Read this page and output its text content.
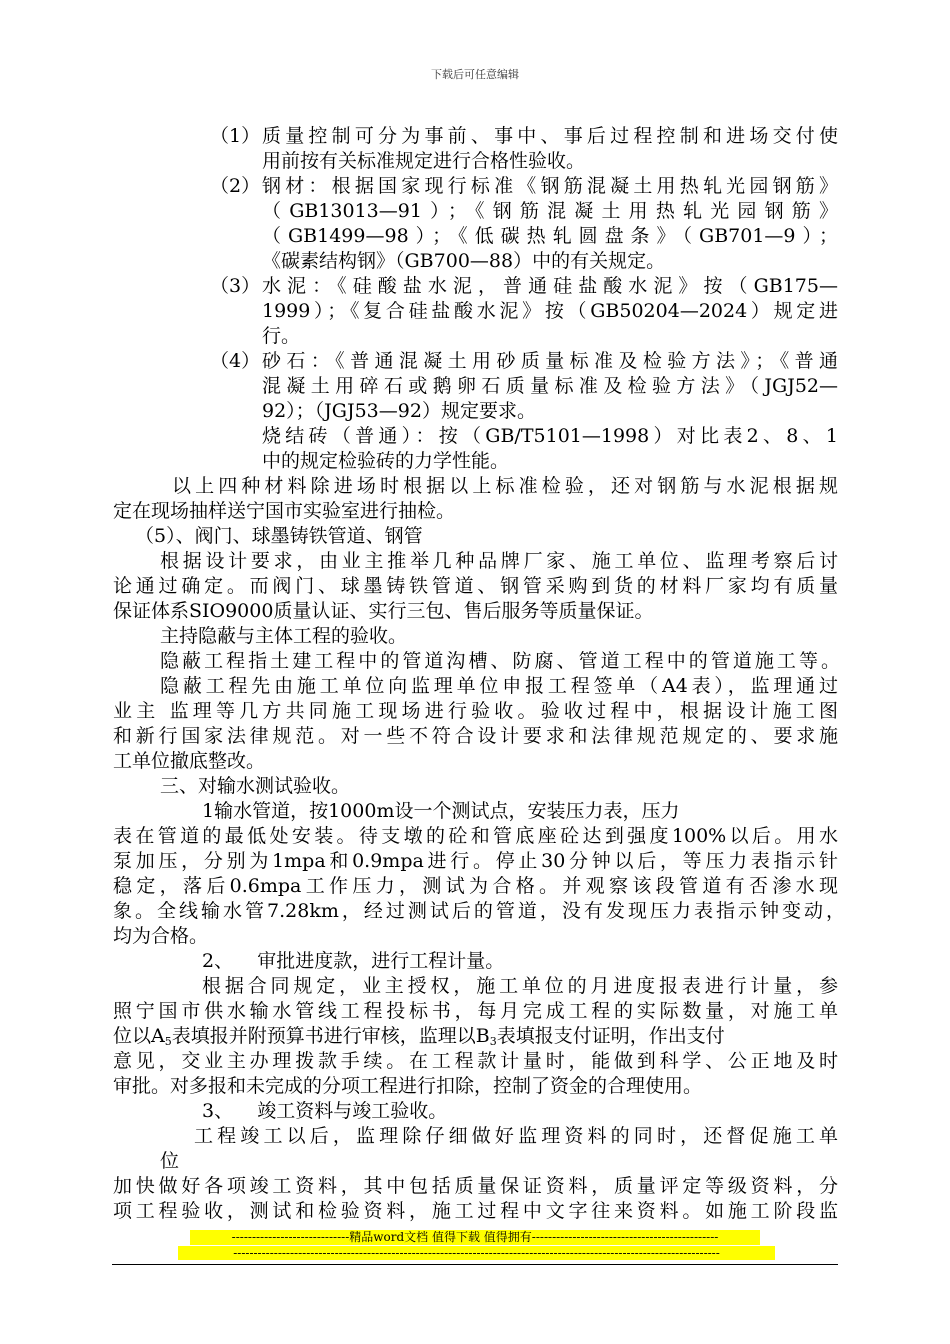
下载后可任意编辑
（1） 质量控制可分为事前、事中、事后过程控制和进场交付使
用前按有关标准规定进行合格性验收。
（2） 钢材：根据国家现行标准《钢筋混凝土用热轧光园钢筋》
（GB13013—91）；《钢筋混凝土用热轧光园钢筋》
（GB1499—98）；《低碳热轧圆盘条》（GB701—9）；
《碳素结构钢》（GB700—88）中的有关规定。
（3） 水泥：《硅酸盐水泥，普通硅盐酸水泥》按（GB175—
1999）；《复合硅盐酸水泥》按（GB50204—2024）规定进
行。
（4） 砂石：《普通混凝土用砂质量标准及检验方法》；《普通
混凝土用碎石或鹅卵石质量标准及检验方法》（JGJ52—
92）；（JGJ53—92）规定要求。
烧结砖（普通）：按（GB/T5101—1998）对比表2、8、1
中的规定检验砖的力学性能。
以上四种材料除进场时根据以上标准检验，还对钢筋与水泥根据规
定在现场抽样送宁国市实验室进行抽检。
（5）、阀门、球墨铸铁管道、钢管
根据设计要求，由业主推举几种品牌厂家、施工单位、监理考察后讨
论通过确定。而阀门、球墨铸铁管道、钢管采购到货的材料厂家均有质量
保证体系SIO9000质量认证、实行三包、售后服务等质量保证。
主持隐蔽与主体工程的验收。
隐蔽工程指土建工程中的管道沟槽、防腐、管道工程中的管道施工等。
隐蔽工程先由施工单位向监理单位申报工程签单（A4表），监理通过
业主 监理等几方共同施工现场进行验收。验收过程中，根据设计施工图
和新行国家法律规范。对一些不符合设计要求和法律规范规定的、要求施
工单位撤底整改。
三、对输水测试验收。
1输水管道，按1000m设一个测试点，安装压力表，压力
表在管道的最低处安装。待支墩的砼和管底座砼达到强度100%以后。用水
泵加压，分别为1mpa和0.9mpa进行。停止30分钟以后，等压力表指示针
稳定，落后0.6mpa工作压力，测试为合格。并观察该段管道有否渗水现
象。全线输水管7.28km，经过测试后的管道，没有发现压力表指示钟变动，
均为合格。
2、    审批进度款，进行工程计量。
根据合同规定，业主授权，施工单位的月进度报表进行计量，参
照宁国市供水输水管线工程投标书，每月完成工程的实际数量，对施工单
位以$A_5$表填报并附预算书进行审核，监理以$B_3$表填报支付证明，作出支付
意见，交业主办理拨款手续。在工程款计量时，能做到科学、公正地及时
审批。对多报和未完成的分项工程进行扣除，控制了资金的合理使用。
3、    竣工资料与竣工验收。
工程竣工以后，监理除仔细做好监理资料的同时，还督促施工单
位
加快做好各项竣工资料，其中包括质量保证资料，质量评定等级资料，分
项工程验收，测试和检验资料，施工过程中文字往来资料。如施工阶段监
-----------------------------精品word文档 值得下载 值得拥有----------------------------------------------
------------------------------------------------------------------------------------------------------------------------
